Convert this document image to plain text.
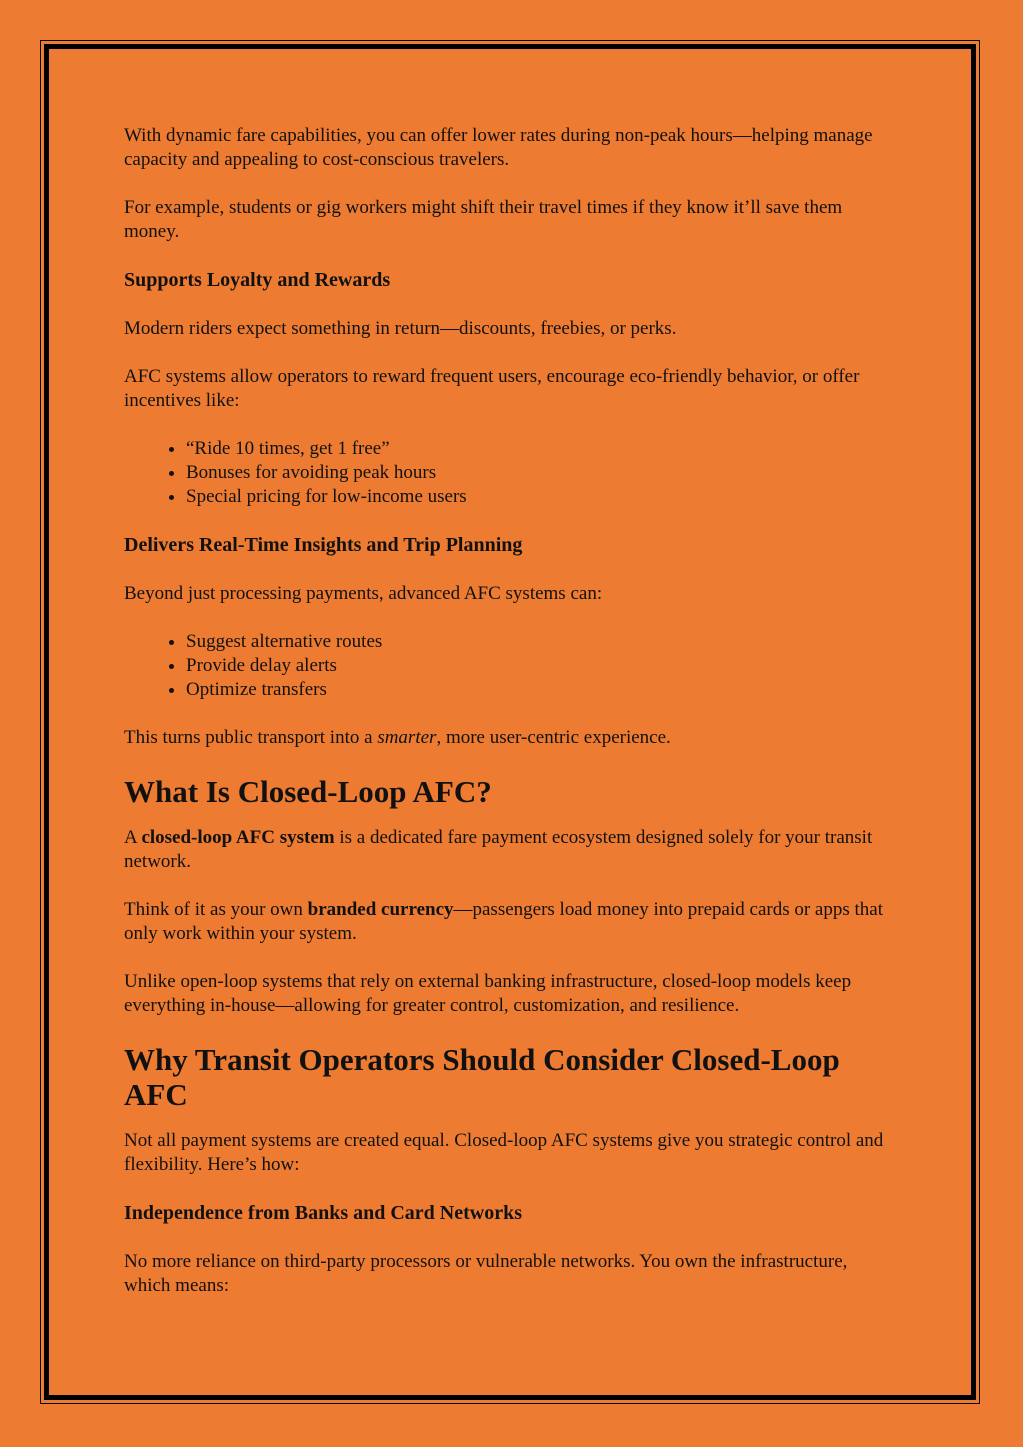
With dynamic fare capabilities, you can offer lower rates during non-peak hours—helping manage capacity and appealing to cost-conscious travelers.

For example, students or gig workers might shift their travel times if they know it’ll save them money.

Supports Loyalty and Rewards

Modern riders expect something in return—discounts, freebies, or perks.

AFC systems allow operators to reward frequent users, encourage eco-friendly behavior, or offer incentives like:

• “Ride 10 times, get 1 free”
• Bonuses for avoiding peak hours
• Special pricing for low-income users
Delivers Real-Time Insights and Trip Planning

Beyond just processing payments, advanced AFC systems can:

• Suggest alternative routes
• Provide delay alerts
• Optimize transfers

This turns public transport into a smarter, more user-centric experience.

What Is Closed-Loop AFC?

A closed-loop AFC system is a dedicated fare payment ecosystem designed solely for your transit network.

Think of it as your own branded currency—passengers load money into prepaid cards or apps that only work within your system.

Unlike open-loop systems that rely on external banking infrastructure, closed-loop models keep everything in-house—allowing for greater control, customization, and resilience.

Why Transit Operators Should Consider Closed-Loop AFC

Not all payment systems are created equal. Closed-loop AFC systems give you strategic control and flexibility. Here’s how:

Independence from Banks and Card Networks

No more reliance on third-party processors or vulnerable networks. You own the infrastructure, which means:
